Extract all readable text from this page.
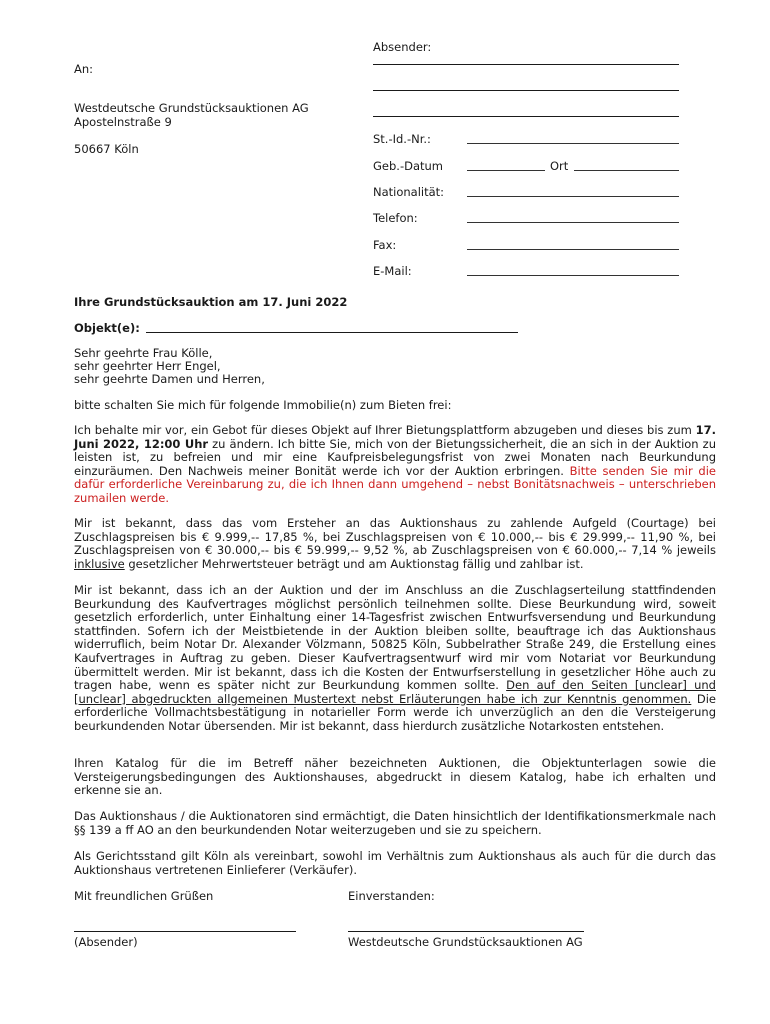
Absender:
St.-Id.-Nr.:
Geb.-Datum	Ort
Nationalität:
Telefon:
Fax:
E-Mail:
An:
Westdeutsche Grundstücksauktionen AG
Apostelnstraße 9
50667 Köln
Ihre Grundstücksauktion am 17. Juni 2022
Objekt(e):
Sehr geehrte Frau Kölle,
sehr geehrter Herr Engel,
sehr geehrte Damen und Herren,
bitte schalten Sie mich für folgende Immobilie(n) zum Bieten frei:
Ich behalte mir vor, ein Gebot für dieses Objekt auf Ihrer Bietungsplattform abzugeben und dieses bis zum 17. Juni 2022, 12:00 Uhr zu ändern. Ich bitte Sie, mich von der Bietungssicherheit, die an sich in der Auktion zu leisten ist, zu befreien und mir eine Kaufpreisbelegungsfrist von zwei Monaten nach Beurkundung einzuräumen. Den Nachweis meiner Bonität werde ich vor der Auktion erbringen. Bitte senden Sie mir die dafür erforderliche Vereinbarung zu, die ich Ihnen dann umgehend – nebst Bonitätsnachweis – unterschrieben zumailen werde.
Mir ist bekannt, dass das vom Ersteher an das Auktionshaus zu zahlende Aufgeld (Courtage) bei Zuschlagspreisen bis € 9.999,-- 17,85 %, bei Zuschlagspreisen von € 10.000,-- bis € 29.999,-- 11,90 %, bei Zuschlagspreisen von € 30.000,-- bis € 59.999,-- 9,52 %, ab Zuschlagspreisen von € 60.000,-- 7,14 % jeweils inklusive gesetzlicher Mehrwertsteuer beträgt und am Auktionstag fällig und zahlbar ist.
Mir ist bekannt, dass ich an der Auktion und der im Anschluss an die Zuschlagserteilung stattfindenden Beurkundung des Kaufvertrages möglichst persönlich teilnehmen sollte. Diese Beurkundung wird, soweit gesetzlich erforderlich, unter Einhaltung einer 14-Tagesfrist zwischen Entwurfsversendung und Beurkundung stattfinden. Sofern ich der Meistbietende in der Auktion bleiben sollte, beauftrage ich das Auktionshaus widerruflich, beim Notar Dr. Alexander Völzmann, 50825 Köln, Subbelrather Straße 249, die Erstellung eines Kaufvertrages in Auftrag zu geben. Dieser Kaufvertragsentwurf wird mir vom Notariat vor Beurkundung übermittelt werden. Mir ist bekannt, dass ich die Kosten der Entwurfserstellung in gesetzlicher Höhe auch zu tragen habe, wenn es später nicht zur Beurkundung kommen sollte. Den auf den Seiten [unclear] und [unclear] abgedruckten allgemeinen Mustertext nebst Erläuterungen habe ich zur Kenntnis genommen. Die erforderliche Vollmachtsbestätigung in notarieller Form werde ich unverzüglich an den die Versteigerung beurkundenden Notar übersenden. Mir ist bekannt, dass hierdurch zusätzliche Notarkosten entstehen.
Ihren Katalog für die im Betreff näher bezeichneten Auktionen, die Objektunterlagen sowie die Versteigerungsbedingungen des Auktionshauses, abgedruckt in diesem Katalog, habe ich erhalten und erkenne sie an.
Das Auktionshaus / die Auktionatoren sind ermächtigt, die Daten hinsichtlich der Identifikationsmerkmale nach §§ 139 a ff AO an den beurkundenden Notar weiterzugeben und sie zu speichern.
Als Gerichtsstand gilt Köln als vereinbart, sowohl im Verhältnis zum Auktionshaus als auch für die durch das Auktionshaus vertretenen Einlieferer (Verkäufer).
Mit freundlichen Grüßen	Einverstanden:
(Absender)	Westdeutsche Grundstücksauktionen AG
